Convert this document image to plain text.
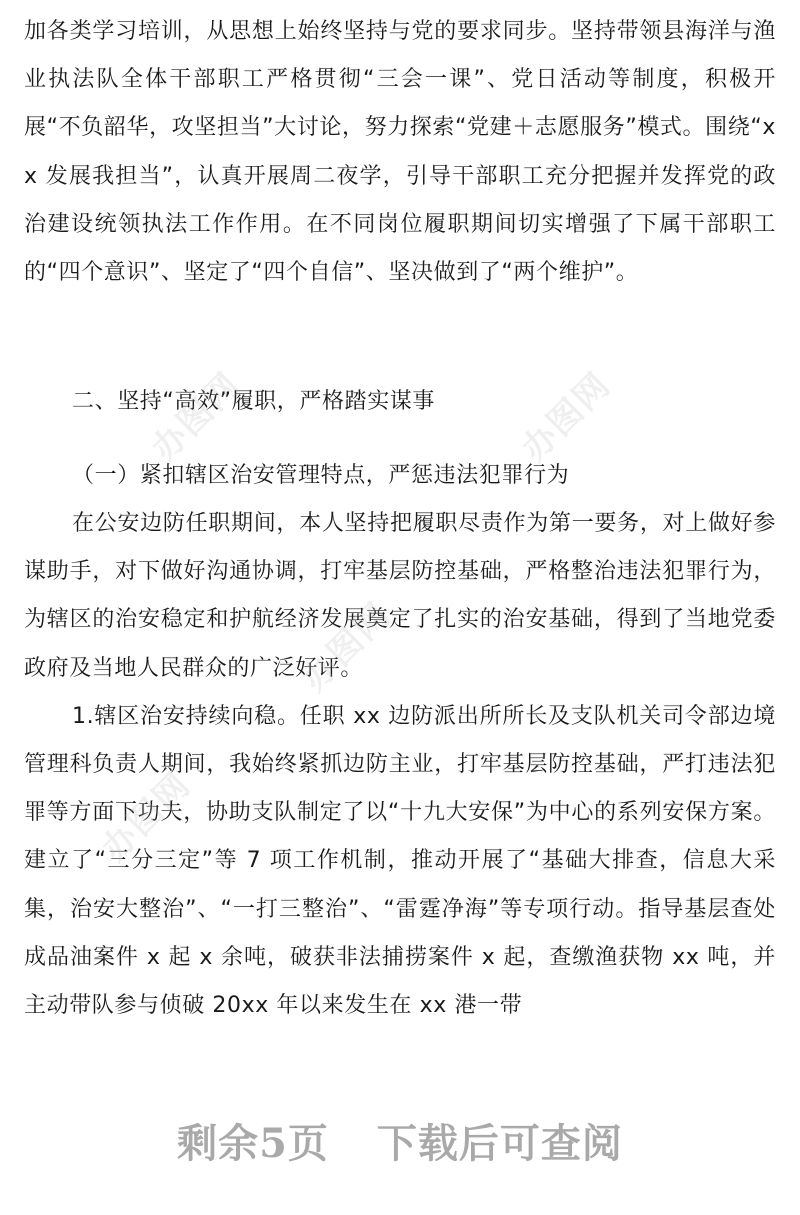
加各类学习培训，从思想上始终坚持与党的要求同步。坚持带领县海洋与渔业执法队全体干部职工严格贯彻“三会一课”、党日活动等制度，积极开展“不负韶华，攻坚担当”大讨论，努力探索“党建＋志愿服务”模式。围绕“xx 发展我担当”，认真开展周二夜学，引导干部职工充分把握并发挥党的政治建设统领执法工作作用。在不同岗位履职期间切实增强了下属干部职工的“四个意识”、坚定了“四个自信”、坚决做到了“两个维护”。

二、坚持“高效”履职，严格踏实谋事
（一）紧扣辖区治安管理特点，严惩违法犯罪行为

在公安边防任职期间，本人坚持把履职尽责作为第一要务，对上做好参谋助手，对下做好沟通协调，打牢基层防控基础，严格整治违法犯罪行为，为辖区的治安稳定和护航经济发展奠定了扎实的治安基础，得到了当地党委政府及当地人民群众的广泛好评。

1.辖区治安持续向稳。任职 xx 边防派出所所长及支队机关司令部边境管理科负责人期间，我始终紧抓边防主业，打牢基层防控基础，严打违法犯罪等方面下功夫，协助支队制定了以“十九大安保”为中心的系列安保方案。建立了“三分三定”等 7 项工作机制，推动开展了“基础大排查，信息大采集，治安大整治”、“一打三整治”、“雷霆净海”等专项行动。指导基层查处成品油案件 x 起 x 余吨，破获非法捕捞案件 x 起，查缴渔获物 xx 吨，并主动带队参与侦破 20xx 年以来发生在 xx 港一带

办图网	办图网
办图网
办图网
剩余5页 下载后可查阅
